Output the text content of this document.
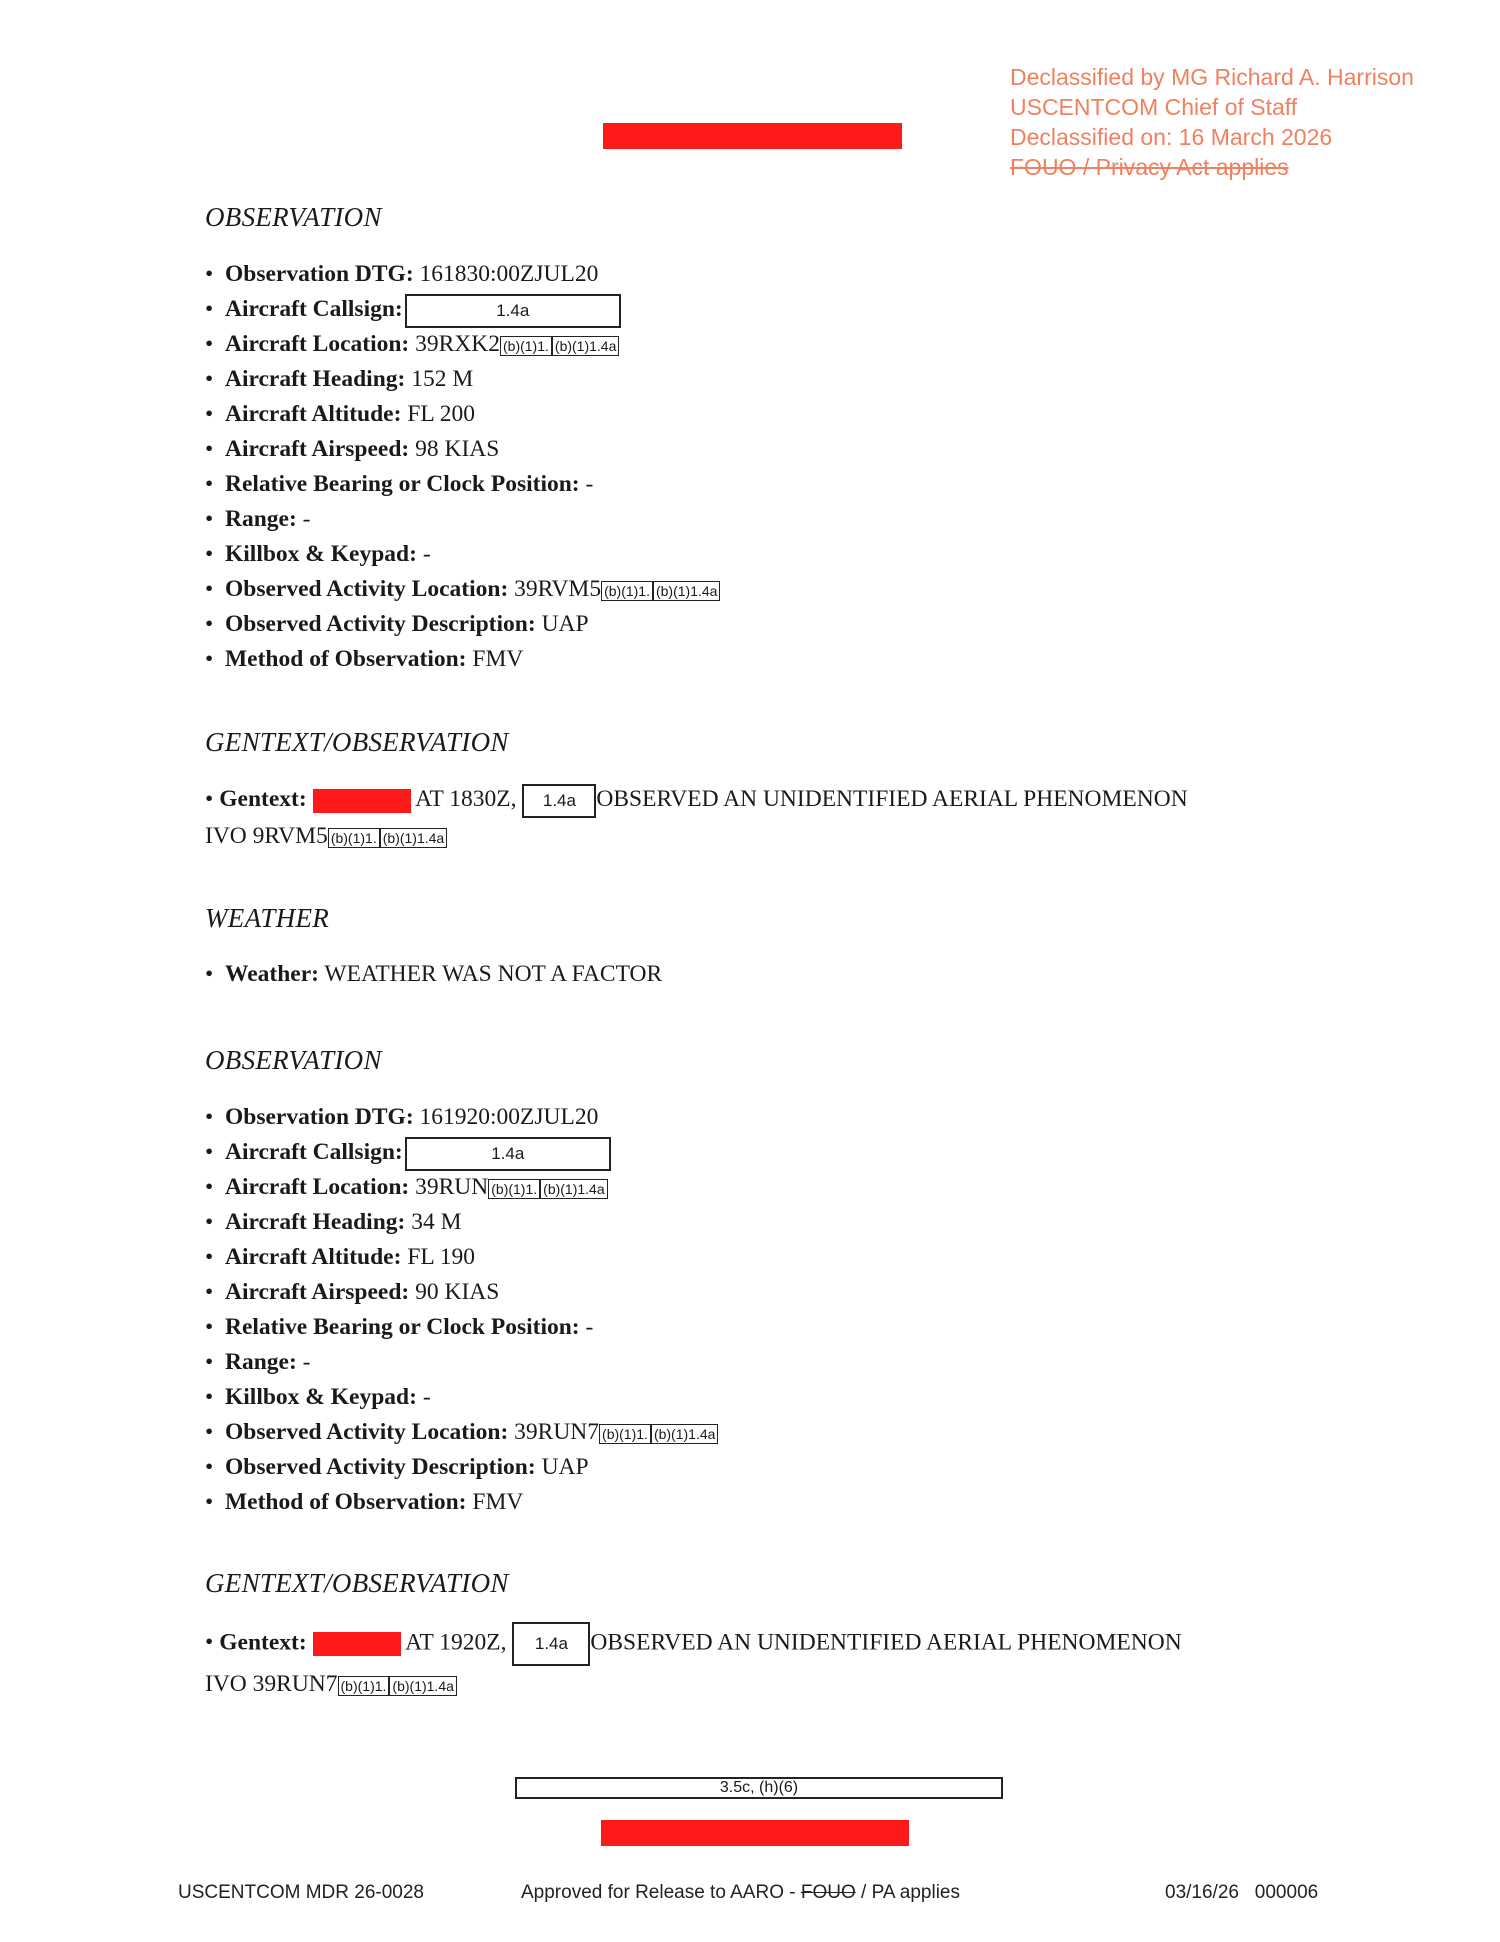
Declassified by MG Richard A. Harrison
USCENTCOM Chief of Staff
Declassified on: 16 March 2026
FOUO / Privacy Act applies
OBSERVATION
• Observation DTG: 161830:00ZJUL20
• Aircraft Callsign:	1.4a
• Aircraft Location: 39RXK2 (b)(1)1. (b)(1)1.4a
• Aircraft Heading: 152 M
• Aircraft Altitude: FL 200
• Aircraft Airspeed: 98 KIAS
• Relative Bearing or Clock Position: -
• Range: -
• Killbox & Keypad: -
• Observed Activity Location: 39RVM5 (b)(1)1. (b)(1)1.4a
• Observed Activity Description: UAP
• Method of Observation: FMV
GENTEXT/OBSERVATION
• Gentext:	AT 1830Z, 1.4a OBSERVED AN UNIDENTIFIED AERIAL PHENOMENON
IVO 9RVM5 (b)(1)1. (b)(1)1.4a
WEATHER
• Weather: WEATHER WAS NOT A FACTOR
OBSERVATION
• Observation DTG: 161920:00ZJUL20
• Aircraft Callsign:	1.4a
• Aircraft Location: 39RUN (b)(1)1. (b)(1)1.4a
• Aircraft Heading: 34 M
• Aircraft Altitude: FL 190
• Aircraft Airspeed: 90 KIAS
• Relative Bearing or Clock Position: -
• Range: -
• Killbox & Keypad: -
• Observed Activity Location: 39RUN7 (b)(1)1. (b)(1)1.4a
• Observed Activity Description: UAP
• Method of Observation: FMV
GENTEXT/OBSERVATION
• Gentext:	AT 1920Z, 1.4a OBSERVED AN UNIDENTIFIED AERIAL PHENOMENON
IVO 39RUN7 (b)(1)1. (b)(1)1.4a
3.5c, (h)(6)
USCENTCOM MDR 26-0028	Approved for Release to AARO - FOUO / PA applies	03/16/26   000006
